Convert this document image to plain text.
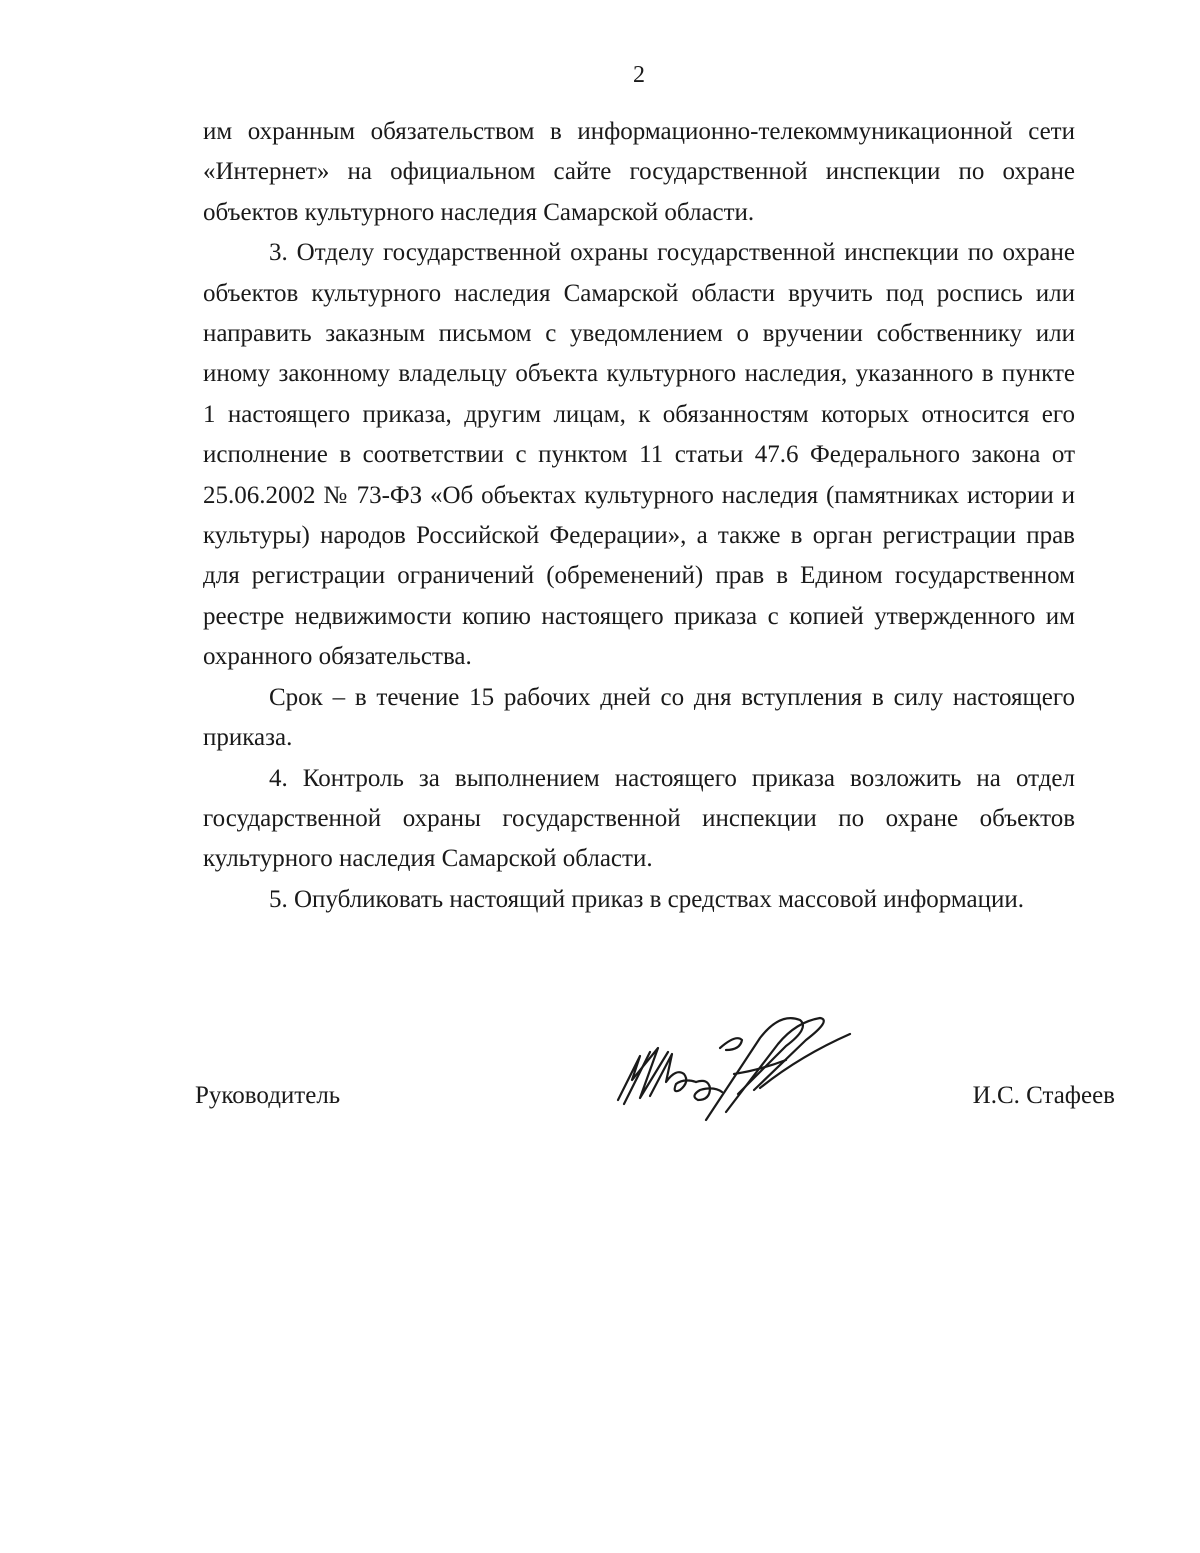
2

им охранным обязательством в информационно-телекоммуникационной сети «Интернет» на официальном сайте государственной инспекции по охране объектов культурного наследия Самарской области.

3. Отделу государственной охраны государственной инспекции по охране объектов культурного наследия Самарской области вручить под роспись или направить заказным письмом с уведомлением о вручении собственнику или иному законному владельцу объекта культурного наследия, указанного в пункте 1 настоящего приказа, другим лицам, к обязанностям которых относится его исполнение в соответствии с пунктом 11 статьи 47.6 Федерального закона от 25.06.2002 № 73-ФЗ «Об объектах культурного наследия (памятниках истории и культуры) народов Российской Федерации», а также в орган регистрации прав для регистрации ограничений (обременений) прав в Едином государственном реестре недвижимости копию настоящего приказа с копией утвержденного им охранного обязательства.

Срок – в течение 15 рабочих дней со дня вступления в силу настоящего приказа.

4. Контроль за выполнением настоящего приказа возложить на отдел государственной охраны государственной инспекции по охране объектов культурного наследия Самарской области.

5. Опубликовать настоящий приказ в средствах массовой информации.

Руководитель	И.С. Стафеев
